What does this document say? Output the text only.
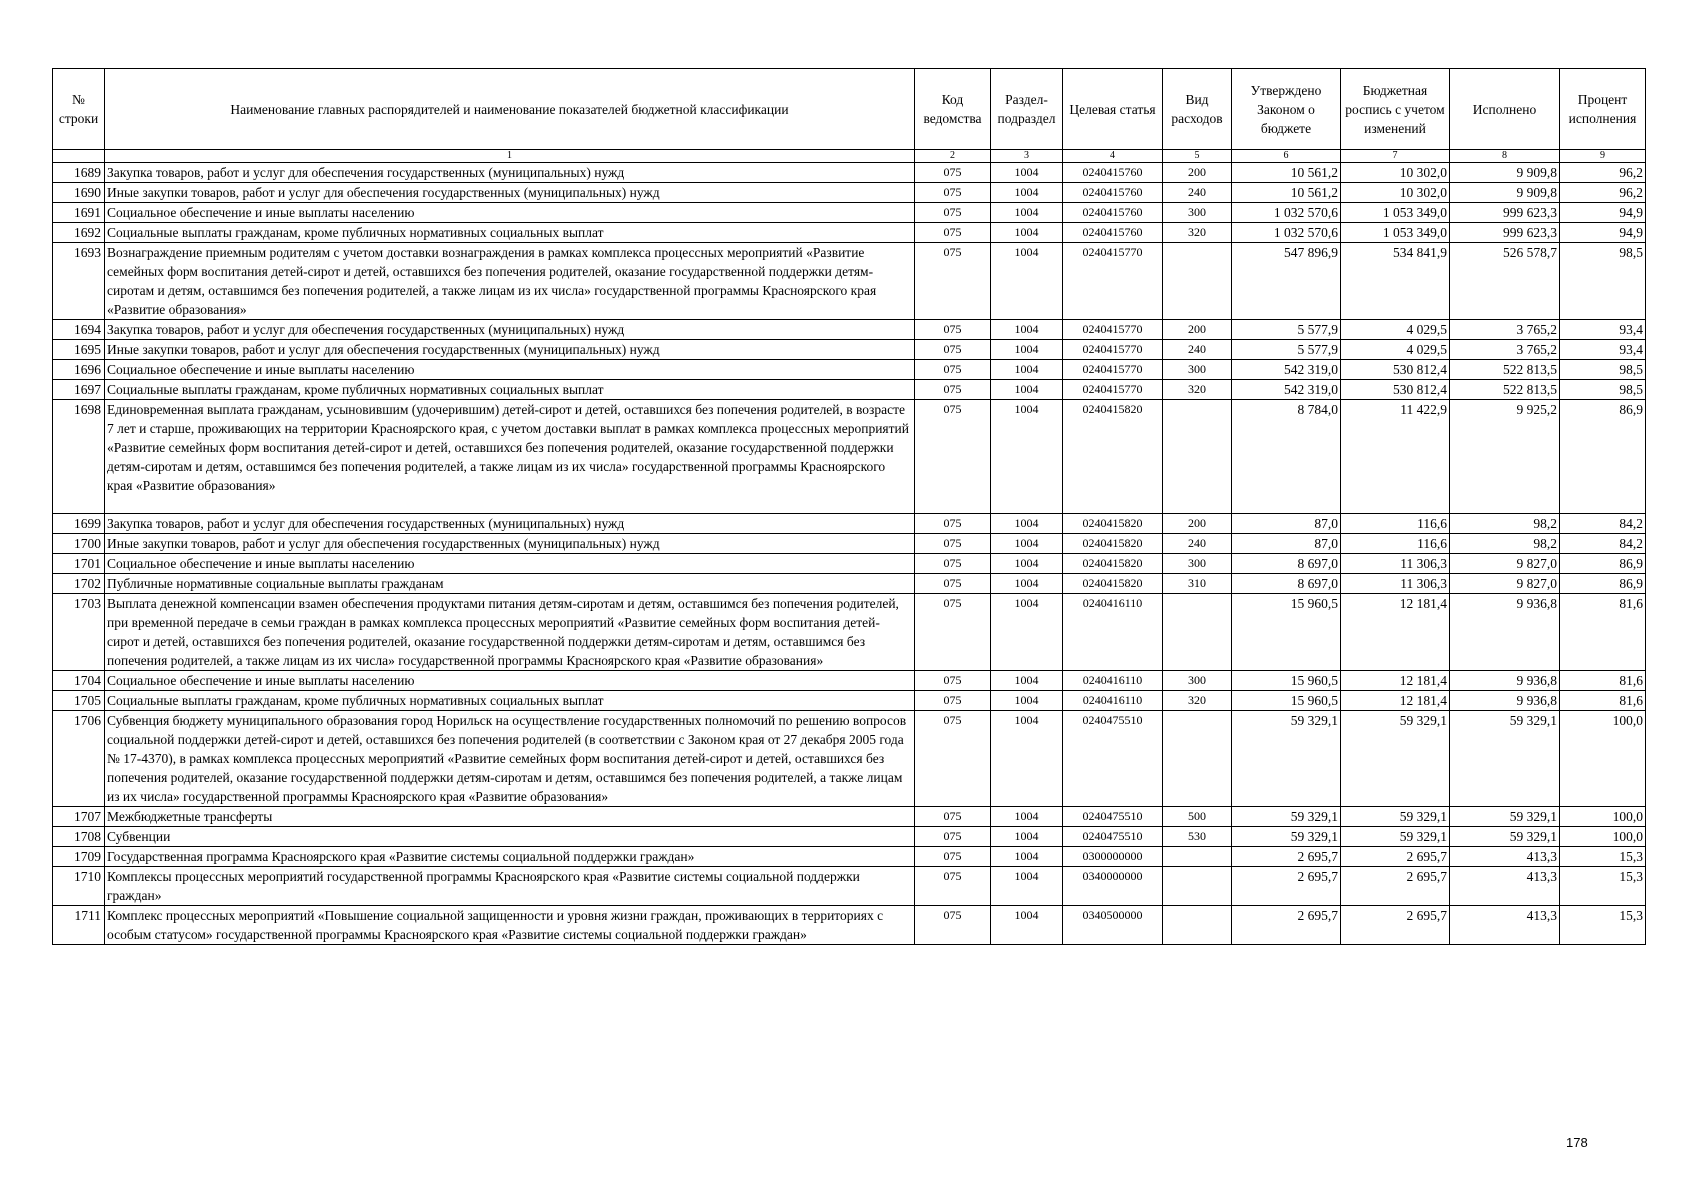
№ строки	Наименование главных распорядителей и наименование показателей бюджетной классификации	Код ведомства	Раздел-подраздел	Целевая статья	Вид расходов	Утверждено Законом о бюджете	Бюджетная роспись с учетом изменений	Исполнено	Процент исполнения
	1	2	3	4	5	6	7	8	9
1689	Закупка товаров, работ и услуг для обеспечения государственных (муниципальных) нужд	075	1004	0240415760	200	10 561,2	10 302,0	9 909,8	96,2
1690	Иные закупки товаров, работ и услуг для обеспечения государственных (муниципальных) нужд	075	1004	0240415760	240	10 561,2	10 302,0	9 909,8	96,2
1691	Социальное обеспечение и иные выплаты населению	075	1004	0240415760	300	1 032 570,6	1 053 349,0	999 623,3	94,9
1692	Социальные выплаты гражданам, кроме публичных нормативных социальных выплат	075	1004	0240415760	320	1 032 570,6	1 053 349,0	999 623,3	94,9
1693	Вознаграждение приемным родителям с учетом доставки вознаграждения в рамках комплекса процессных мероприятий «Развитие семейных форм воспитания детей-сирот и детей, оставшихся без попечения родителей, оказание государственной поддержки детям-сиротам и детям, оставшимся без попечения родителей, а также лицам из их числа» государственной программы Красноярского края «Развитие образования»	075	1004	0240415770		547 896,9	534 841,9	526 578,7	98,5
1694	Закупка товаров, работ и услуг для обеспечения государственных (муниципальных) нужд	075	1004	0240415770	200	5 577,9	4 029,5	3 765,2	93,4
1695	Иные закупки товаров, работ и услуг для обеспечения государственных (муниципальных) нужд	075	1004	0240415770	240	5 577,9	4 029,5	3 765,2	93,4
1696	Социальное обеспечение и иные выплаты населению	075	1004	0240415770	300	542 319,0	530 812,4	522 813,5	98,5
1697	Социальные выплаты гражданам, кроме публичных нормативных социальных выплат	075	1004	0240415770	320	542 319,0	530 812,4	522 813,5	98,5
1698	Единовременная выплата гражданам, усыновившим (удочерившим) детей-сирот и детей, оставшихся без попечения родителей, в возрасте 7 лет и старше, проживающих на территории Красноярского края, с учетом доставки выплат в рамках комплекса процессных мероприятий «Развитие семейных форм воспитания детей-сирот и детей, оставшихся без попечения родителей, оказание государственной поддержки детям-сиротам и детям, оставшимся без попечения родителей, а также лицам из их числа» государственной программы Красноярского края «Развитие образования»	075	1004	0240415820		8 784,0	11 422,9	9 925,2	86,9
1699	Закупка товаров, работ и услуг для обеспечения государственных (муниципальных) нужд	075	1004	0240415820	200	87,0	116,6	98,2	84,2
1700	Иные закупки товаров, работ и услуг для обеспечения государственных (муниципальных) нужд	075	1004	0240415820	240	87,0	116,6	98,2	84,2
1701	Социальное обеспечение и иные выплаты населению	075	1004	0240415820	300	8 697,0	11 306,3	9 827,0	86,9
1702	Публичные нормативные социальные выплаты гражданам	075	1004	0240415820	310	8 697,0	11 306,3	9 827,0	86,9
1703	Выплата денежной компенсации взамен обеспечения продуктами питания детям-сиротам и детям, оставшимся без попечения родителей, при временной передаче в семьи граждан в рамках комплекса процессных мероприятий «Развитие семейных форм воспитания детей-сирот и детей, оставшихся без попечения родителей, оказание государственной поддержки детям-сиротам и детям, оставшимся без попечения родителей, а также лицам из их числа» государственной программы Красноярского края «Развитие образования»	075	1004	0240416110		15 960,5	12 181,4	9 936,8	81,6
1704	Социальное обеспечение и иные выплаты населению	075	1004	0240416110	300	15 960,5	12 181,4	9 936,8	81,6
1705	Социальные выплаты гражданам, кроме публичных нормативных социальных выплат	075	1004	0240416110	320	15 960,5	12 181,4	9 936,8	81,6
1706	Субвенция бюджету муниципального образования город Норильск на осуществление государственных полномочий по решению вопросов социальной поддержки детей-сирот и детей, оставшихся без попечения родителей (в соответствии с Законом края от 27 декабря 2005 года № 17-4370), в рамках комплекса процессных мероприятий «Развитие семейных форм воспитания детей-сирот и детей, оставшихся без попечения родителей, оказание государственной поддержки детям-сиротам и детям, оставшимся без попечения родителей, а также лицам из их числа» государственной программы Красноярского края «Развитие образования»	075	1004	0240475510		59 329,1	59 329,1	59 329,1	100,0
1707	Межбюджетные трансферты	075	1004	0240475510	500	59 329,1	59 329,1	59 329,1	100,0
1708	Субвенции	075	1004	0240475510	530	59 329,1	59 329,1	59 329,1	100,0
1709	Государственная программа Красноярского края «Развитие системы социальной поддержки граждан»	075	1004	0300000000		2 695,7	2 695,7	413,3	15,3
1710	Комплексы процессных мероприятий государственной программы Красноярского края «Развитие системы социальной поддержки граждан»	075	1004	0340000000		2 695,7	2 695,7	413,3	15,3
1711	Комплекс процессных мероприятий «Повышение социальной защищенности и уровня жизни граждан, проживающих в территориях с особым статусом» государственной программы Красноярского края «Развитие системы социальной поддержки граждан»	075	1004	0340500000		2 695,7	2 695,7	413,3	15,3
178
